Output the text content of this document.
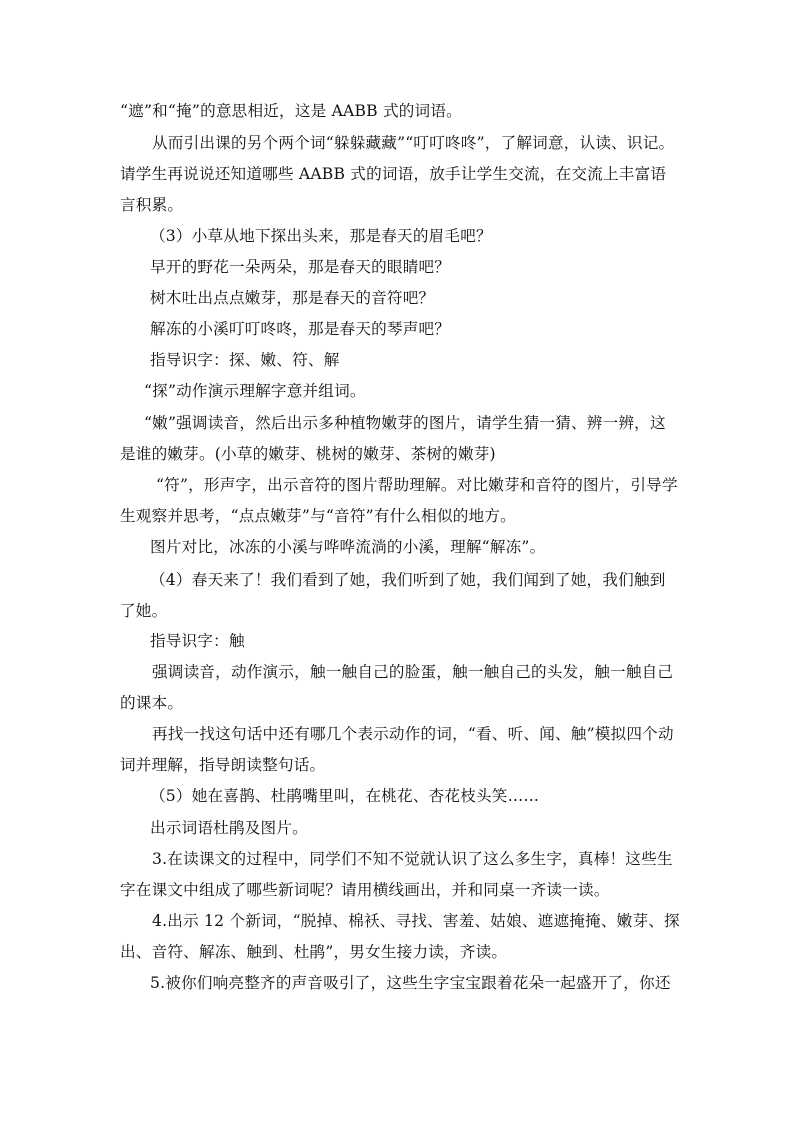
“遮”和“掩”的意思相近，这是 AABB 式的词语。

从而引出课的另个两个词“躲躲藏藏”“叮叮咚咚”，了解词意，认读、识记。请学生再说说还知道哪些 AABB 式的词语，放手让学生交流，在交流上丰富语言积累。

（3）小草从地下探出头来，那是春天的眉毛吧？

早开的野花一朵两朵，那是春天的眼睛吧？

树木吐出点点嫩芽，那是春天的音符吧？

解冻的小溪叮叮咚咚，那是春天的琴声吧？

指导识字：探、嫩、符、解

“探”动作演示理解字意并组词。

“嫩”强调读音，然后出示多种植物嫩芽的图片，请学生猜一猜、辨一辨，这是谁的嫩芽。(小草的嫩芽、桃树的嫩芽、茶树的嫩芽)

“符”，形声字，出示音符的图片帮助理解。对比嫩芽和音符的图片，引导学生观察并思考，“点点嫩芽”与“音符”有什么相似的地方。

图片对比，冰冻的小溪与哗哗流淌的小溪，理解“解冻”。

（4）春天来了！我们看到了她，我们听到了她，我们闻到了她，我们触到了她。

指导识字：触

强调读音，动作演示，触一触自己的脸蛋，触一触自己的头发，触一触自己的课本。

再找一找这句话中还有哪几个表示动作的词，“看、听、闻、触”模拟四个动词并理解，指导朗读整句话。

（5）她在喜鹊、杜鹃嘴里叫，在桃花、杏花枝头笑……

出示词语杜鹃及图片。

3.在读课文的过程中，同学们不知不觉就认识了这么多生字，真棒！这些生字在课文中组成了哪些新词呢？请用横线画出，并和同桌一齐读一读。

4.出示 12 个新词，“脱掉、棉袄、寻找、害羞、姑娘、遮遮掩掩、嫩芽、探出、音符、解冻、触到、杜鹃”，男女生接力读，齐读。

5.被你们响亮整齐的声音吸引了，这些生字宝宝跟着花朵一起盛开了，你还
